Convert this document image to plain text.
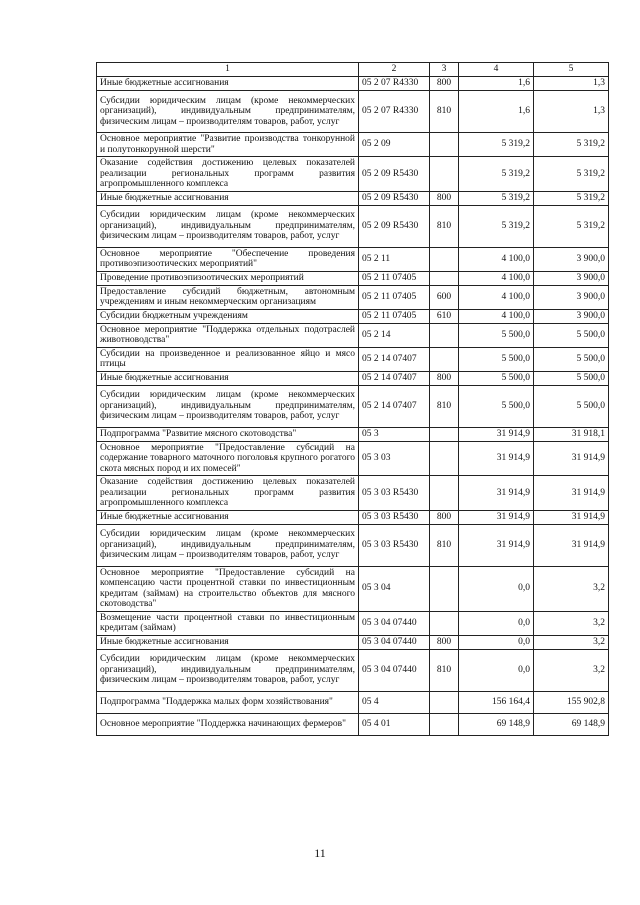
1	2	3	4	5
Иные бюджетные ассигнования	05 2 07 R4330	800	1,6	1,3
Субсидии юридическим лицам (кроме некоммерческих организаций), индивидуальным предпринимателям, физическим лицам – производителям товаров, работ, услуг	05 2 07 R4330	810	1,6	1,3
Основное мероприятие "Развитие производства тонкорунной и полутонкорунной шерсти"	05 2 09		5 319,2	5 319,2
Оказание содействия достижению целевых показателей реализации региональных программ развития агропромышленного комплекса	05 2 09 R5430		5 319,2	5 319,2
Иные бюджетные ассигнования	05 2 09 R5430	800	5 319,2	5 319,2
Субсидии юридическим лицам (кроме некоммерческих организаций), индивидуальным предпринимателям, физическим лицам – производителям товаров, работ, услуг	05 2 09 R5430	810	5 319,2	5 319,2
Основное мероприятие "Обеспечение проведения противоэпизоотических мероприятий"	05 2 11		4 100,0	3 900,0
Проведение противоэпизоотических мероприятий	05 2 11 07405		4 100,0	3 900,0
Предоставление субсидий бюджетным, автономным учреждениям и иным некоммерческим организациям	05 2 11 07405	600	4 100,0	3 900,0
Субсидии бюджетным учреждениям	05 2 11 07405	610	4 100,0	3 900,0
Основное мероприятие "Поддержка отдельных подотраслей животноводства"	05 2 14		5 500,0	5 500,0
Субсидии на произведенное и реализованное яйцо и мясо птицы	05 2 14 07407		5 500,0	5 500,0
Иные бюджетные ассигнования	05 2 14 07407	800	5 500,0	5 500,0
Субсидии юридическим лицам (кроме некоммерческих организаций), индивидуальным предпринимателям, физическим лицам – производителям товаров, работ, услуг	05 2 14 07407	810	5 500,0	5 500,0
Подпрограмма "Развитие мясного скотоводства"	05 3		31 914,9	31 918,1
Основное мероприятие "Предоставление субсидий на содержание товарного маточного поголовья крупного рогатого скота мясных пород и их помесей"	05 3 03		31 914,9	31 914,9
Оказание содействия достижению целевых показателей реализации региональных программ развития агропромышленного комплекса	05 3 03 R5430		31 914,9	31 914,9
Иные бюджетные ассигнования	05 3 03 R5430	800	31 914,9	31 914,9
Субсидии юридическим лицам (кроме некоммерческих организаций), индивидуальным предпринимателям, физическим лицам – производителям товаров, работ, услуг	05 3 03 R5430	810	31 914,9	31 914,9
Основное мероприятие "Предоставление субсидий на компенсацию части процентной ставки по инвестиционным кредитам (займам) на строительство объектов для мясного скотоводства"	05 3 04		0,0	3,2
Возмещение части процентной ставки по инвестиционным кредитам (займам)	05 3 04 07440		0,0	3,2
Иные бюджетные ассигнования	05 3 04 07440	800	0,0	3,2
Субсидии юридическим лицам (кроме некоммерческих организаций), индивидуальным предпринимателям, физическим лицам – производителям товаров, работ, услуг	05 3 04 07440	810	0,0	3,2
Подпрограмма "Поддержка малых форм хозяйствования"	05 4		156 164,4	155 902,8
Основное мероприятие "Поддержка начинающих фермеров"	05 4 01		69 148,9	69 148,9
11
